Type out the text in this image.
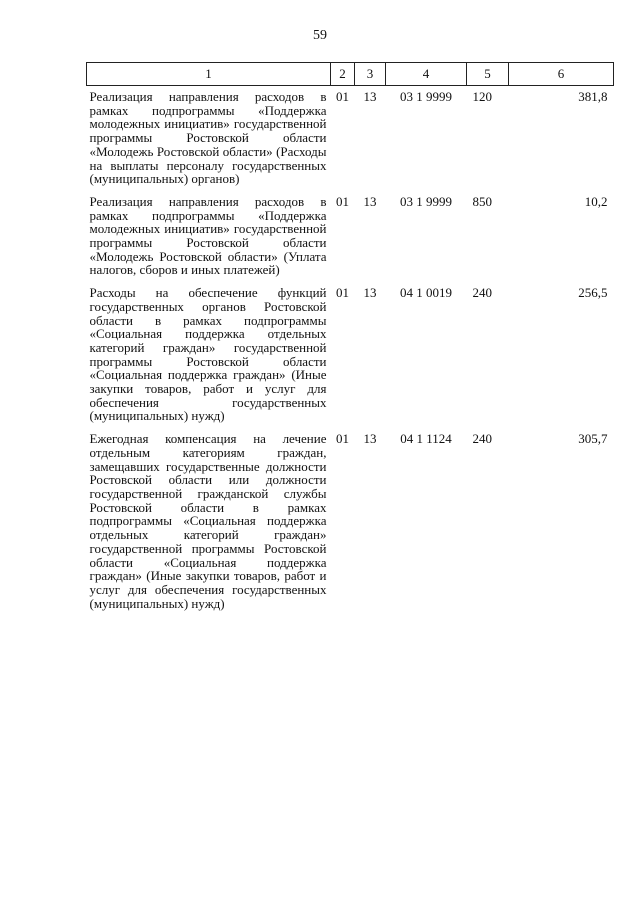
59
1	2	3	4	5	6
Реализация направления расходов в рамках подпрограммы «Поддержка молодежных инициатив» государственной программы Ростовской области «Молодежь Ростовской области» (Расходы на выплаты персоналу государственных (муниципальных) органов)	01	13	03 1 9999	120	381,8
Реализация направления расходов в рамках подпрограммы «Поддержка молодежных инициатив» государственной программы Ростовской области «Молодежь Ростовской области» (Уплата налогов, сборов и иных платежей)	01	13	03 1 9999	850	10,2
Расходы на обеспечение функций государственных органов Ростовской области в рамках подпрограммы «Социальная поддержка отдельных категорий граждан» государственной программы Ростовской области «Социальная поддержка граждан» (Иные закупки товаров, работ и услуг для обеспечения государственных (муниципальных) нужд)	01	13	04 1 0019	240	256,5
Ежегодная компенсация на лечение отдельным категориям граждан, замещавших государственные должности Ростовской области или должности государственной гражданской службы Ростовской области в рамках подпрограммы «Социальная поддержка отдельных категорий граждан» государственной программы Ростовской области «Социальная поддержка граждан» (Иные закупки товаров, работ и услуг для обеспечения государственных (муниципальных) нужд)	01	13	04 1 1124	240	305,7
